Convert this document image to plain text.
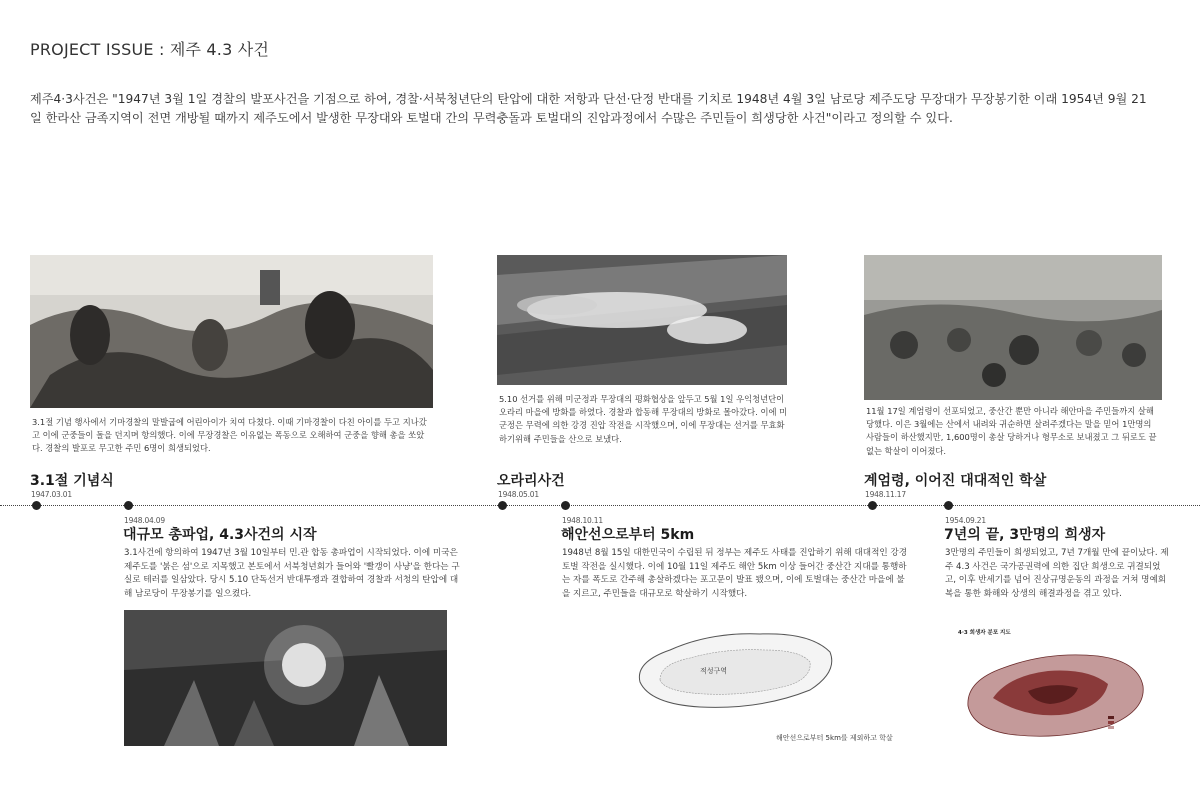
PROJECT ISSUE : 제주 4.3 사건
제주4·3사건은 "1947년 3월 1일 경찰의 발포사건을 기점으로 하여, 경찰·서북청년단의 탄압에 대한 저항과 단선·단정 반대를 기치로 1948년 4월 3일 남로당 제주도당 무장대가 무장봉기한 이래 1954년 9월 21일 한라산 금족지역이 전면 개방될 때까지 제주도에서 발생한 무장대와 토벌대 간의 무력충돌과 토벌대의 진압과정에서 수많은 주민들이 희생당한 사건"이라고 정의할 수 있다.
3.1절 기념 행사에서 기마경찰의 말발굽에 어린아이가 치여 다쳤다. 이때 기마경찰이 다친 아이를 두고 지나갔고 이에 군중들이 돌을 던지며 항의했다. 이에 무장경찰은 이유없는 폭동으로 오해하여 군중을 향해 총을 쏘았다. 경찰의 발포로 무고한 주민 6명이 희생되었다.
3.1절 기념식
1947.03.01
5.10 선거를 위해 미군정과 무장대의 평화협상을 앞두고 5월 1일 우익청년단이 오라리 마을에 방화를 하였다. 경찰과 합동해 무장대의 방화로 몰아갔다. 이에 미군정은 무력에 의한 강경 진압 작전을 시작했으며, 이에 무장대는 선거를 무효화하기위해 주민들을 산으로 보냈다.
오라리사건
1948.05.01
11월 17일 계엄령이 선포되었고, 중산간 뿐만 아니라 해안마을 주민들까지 살해 당했다. 이은 3월에는 산에서 내려와 귀순하면 살려주겠다는 말을 믿어 1만명의 사람들이 하산했지만, 1,600명이 총살 당하거나 형무소로 보내졌고 그 뒤로도 끝없는 학살이 이어졌다.
계엄령, 이어진 대대적인 학살
1948.11.17
1948.04.09
대규모 총파업, 4.3사건의 시작
3.1사건에 항의하여 1947년 3월 10일부터 민.관 합동 총파업이 시작되었다. 이에 미국은 제주도를 '붉은 섬'으로 지목했고 본토에서 서북청년회가 들어와 '빨갱이 사냥'을 한다는 구실로 테러를 일삼았다. 당시 5.10 단독선거 반대투쟁과 결합하여 경찰과 서청의 탄압에 대해 남로당이 무장봉기를 일으켰다.
1948.10.11
해안선으로부터 5km
1948년 8월 15일 대한민국이 수립된 뒤 정부는 제주도 사태를 진압하기 위해 대대적인 강경 토벌 작전을 실시했다. 이에 10월 11일 제주도 해안 5km 이상 들어간 중산간 지대를 통행하는 자를 폭도로 간주해 총살하겠다는 포고문이 발표 됐으며, 이에 토벌대는 중산간 마을에 불을 지르고, 주민들을 대규모로 학살하기 시작했다.
적성구역
해안선으로부터 5km를 제외하고 학살
1954.09.21
7년의 끝, 3만명의 희생자
3만명의 주민들이 희생되었고, 7년 7개월 만에 끝이났다. 제주 4.3 사건은 국가공권력에 의한 집단 희생으로 귀결되었고, 이후 반세기를 넘어 진상규명운동의 과정을 거쳐 명예회복을 통한 화해와 상생의 해결과정을 겪고 있다.
4·3 희생자 분포 지도
